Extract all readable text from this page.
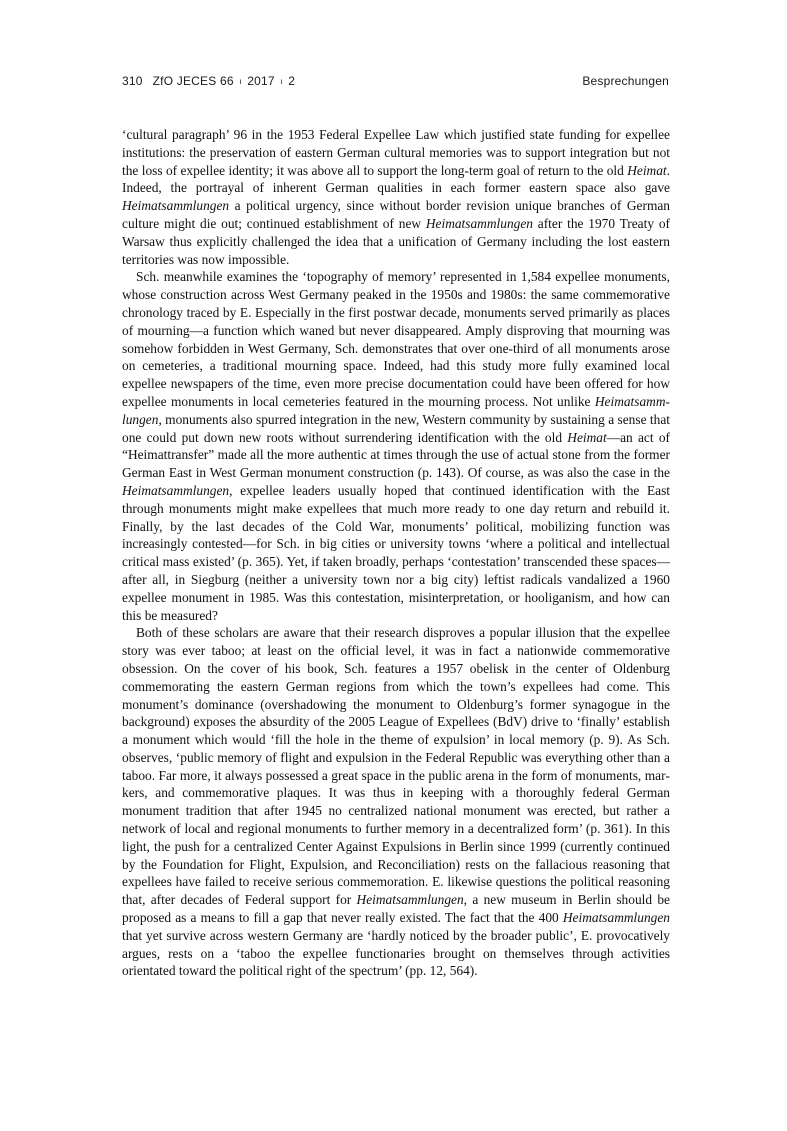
310 ZfO JECES 66 ı 2017 ı 2	Besprechungen

‘cultural paragraph’ 96 in the 1953 Federal Expellee Law which justified state funding for expellee institutions: the preservation of eastern German cultural memories was to support integration but not the loss of expellee identity; it was above all to support the long-term goal of return to the old Heimat. Indeed, the portrayal of inherent German qualities in each former eastern space also gave Heimatsammlungen a political urgency, since without border revision unique branches of German culture might die out; continued establishment of new Heimatsammlungen after the 1970 Treaty of Warsaw thus explicitly challenged the idea that a unification of Germany including the lost eastern territories was now impossible.

Sch. meanwhile examines the ‘topography of memory’ represented in 1,584 expellee monuments, whose construction across West Germany peaked in the 1950s and 1980s: the same commemorative chronology traced by E. Especially in the first postwar decade, monuments served primarily as places of mourning—a function which waned but never disappeared. Amply disproving that mourning was somehow forbidden in West Germany, Sch. demonstrates that over one-third of all monuments arose on cemeteries, a traditional mourning space. Indeed, had this study more fully examined local expellee newspapers of the time, even more precise documentation could have been offered for how expellee monuments in local cemeteries featured in the mourning process. Not unlike Heimatsammlungen, monuments also spurred integration in the new, Western community by sustaining a sense that one could put down new roots without surrendering identification with the old Heimat—an act of “Heimattransfer” made all the more authentic at times through the use of actual stone from the former German East in West German monument construction (p. 143). Of course, as was also the case in the Heimatsammlungen, expellee leaders usually hoped that continued identification with the East through monuments might make expellees that much more ready to one day return and rebuild it. Finally, by the last decades of the Cold War, monuments’ political, mobilizing function was increasingly contested—for Sch. in big cities or university towns ‘where a political and intellectual critical mass existed’ (p. 365). Yet, if taken broadly, perhaps ‘contestation’ transcended these spaces—after all, in Siegburg (neither a university town nor a big city) leftist radicals vandalized a 1960 expellee monument in 1985. Was this contestation, misinterpretation, or hooliganism, and how can this be measured?

Both of these scholars are aware that their research disproves a popular illusion that the expellee story was ever taboo; at least on the official level, it was in fact a nationwide commemorative obsession. On the cover of his book, Sch. features a 1957 obelisk in the center of Oldenburg commemorating the eastern German regions from which the town’s expellees had come. This monument’s dominance (overshadowing the monument to Oldenburg’s former synagogue in the background) exposes the absurdity of the 2005 League of Expellees (BdV) drive to ‘finally’ establish a monument which would ‘fill the hole in the theme of expulsion’ in local memory (p. 9). As Sch. observes, ‘public memory of flight and expulsion in the Federal Republic was everything other than a taboo. Far more, it always possessed a great space in the public arena in the form of monuments, markers, and commemorative plaques. It was thus in keeping with a thoroughly federal German monument tradition that after 1945 no centralized national monument was erected, but rather a network of local and regional monuments to further memory in a decentralized form’ (p. 361). In this light, the push for a centralized Center Against Expulsions in Berlin since 1999 (currently continued by the Foundation for Flight, Expulsion, and Reconciliation) rests on the fallacious reasoning that expellees have failed to receive serious commemoration. E. likewise questions the political reasoning that, after decades of Federal support for Heimatsammlungen, a new museum in Berlin should be proposed as a means to fill a gap that never really existed. The fact that the 400 Heimatsammlungen that yet survive across western Germany are ‘hardly noticed by the broader public’, E. provocatively argues, rests on a ‘taboo the expellee functionaries brought on themselves through activities orientated toward the political right of the spectrum’ (pp. 12, 564).
